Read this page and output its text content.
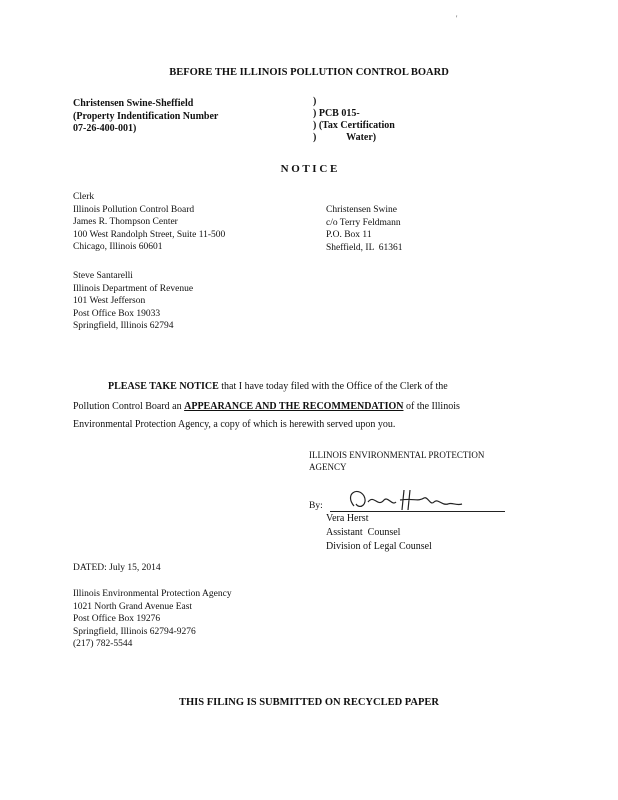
'
BEFORE THE ILLINOIS POLLUTION CONTROL BOARD
Christensen Swine-Sheffield
(Property Indentification Number
07-26-400-001)
)
) PCB 015-
) (Tax Certification
)            Water)
N O T I C E
Clerk
Illinois Pollution Control Board
James R. Thompson Center
100 West Randolph Street, Suite 11-500
Chicago, Illinois 60601
Christensen Swine
c/o Terry Feldmann
P.O. Box 11
Sheffield, IL  61361
Steve Santarelli
Illinois Department of Revenue
101 West Jefferson
Post Office Box 19033
Springfield, Illinois 62794
PLEASE TAKE NOTICE that I have today filed with the Office of the Clerk of the
Pollution Control Board an APPEARANCE AND THE RECOMMENDATION of the Illinois
Environmental Protection Agency, a copy of which is herewith served upon you.
ILLINOIS ENVIRONMENTAL PROTECTION
AGENCY
By:
Vera Herst
Assistant  Counsel
Division of Legal Counsel
DATED: July 15, 2014
Illinois Environmental Protection Agency
1021 North Grand Avenue East
Post Office Box 19276
Springfield, Illinois 62794-9276
(217) 782-5544
THIS FILING IS SUBMITTED ON RECYCLED PAPER
